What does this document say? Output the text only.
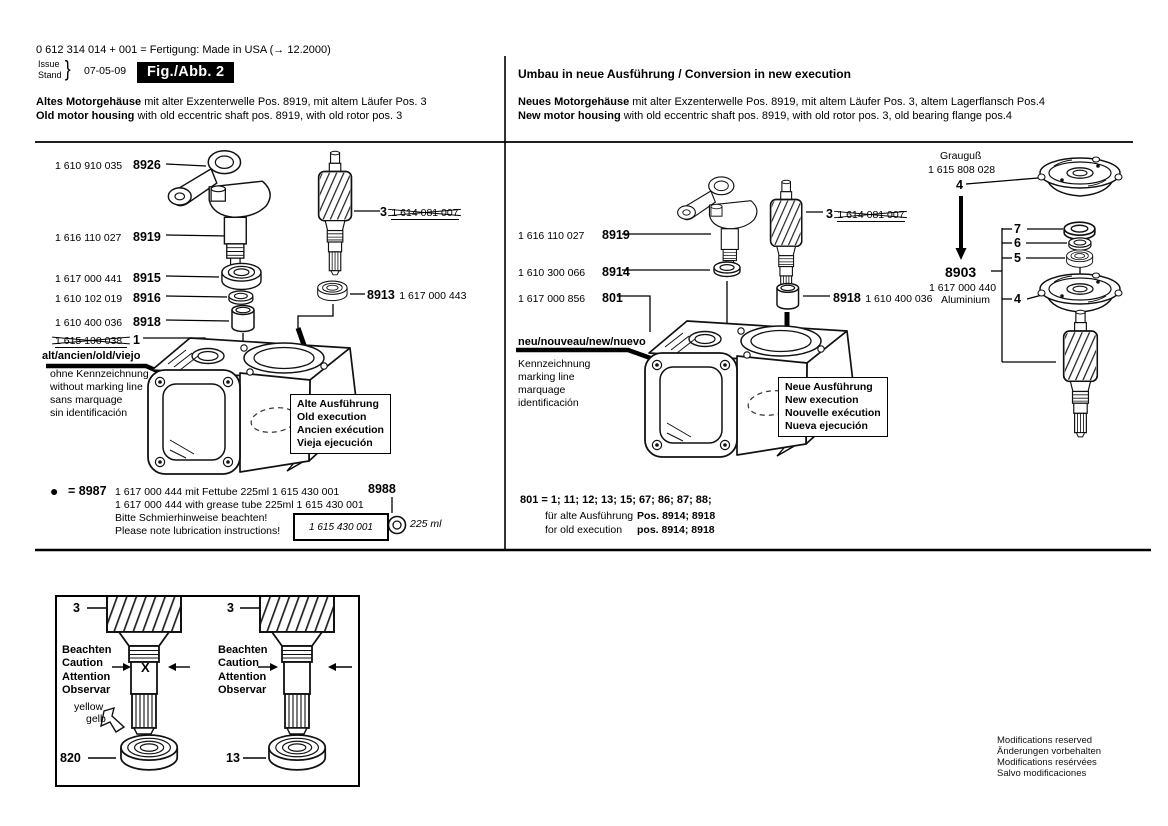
0 612 314 014 + 001 = Fertigung: Made in USA (→ 12.2000)
Issue
Stand } 07-05-09	Fig./Abb. 2
Altes Motorgehäuse mit alter Exzenterwelle Pos. 8919, mit altem Läufer Pos. 3
Old motor housing with old eccentric shaft pos. 8919, with old rotor pos. 3
Umbau in neue Ausführung / Conversion in new execution
Neues Motorgehäuse mit alter Exzenterwelle Pos. 8919, mit altem Läufer Pos. 3, altem Lagerflansch Pos.4
New motor housing with old eccentric shaft pos. 8919, with old rotor pos. 3, old bearing flange pos.4
1 610 910 035 8926
1 616 110 027 8919
1 617 000 441 8915
1 610 102 019 8916
1 610 400 036 8918
1 615 100 038 1
3 1 614 081 007
8913 1 617 000 443
alt/ancien/old/viejo
ohne Kennzeichnung
without marking line
sans marquage
sin identificación
Alte Ausführung
Old execution
Ancien exécution
Vieja ejecución
● = 8987 1 617 000 444 mit Fettube 225ml 1 615 430 001
1 617 000 444 with grease tube 225ml 1 615 430 001
Bitte Schmierhinweise beachten!
Please note lubrication instructions!
8988
1 615 430 001	225 ml
1 616 110 027 8919
1 610 300 066 8914
1 617 000 856 801
3 1 614 081 007
8918 1 610 400 036
neu/nouveau/new/nuevo
Kennzeichnung
marking line
marquage
identificación
Neue Ausführung
New execution
Nouvelle exécution
Nueva ejecución
Grauguß
1 615 808 028
4
7
6
5
4
8903
1 617 000 440
Aluminium
801 = 1; 11; 12; 13; 15; 67; 86; 87; 88;
für alte Ausführung Pos. 8914; 8918
for old execution pos. 8914; 8918
3	3
Beachten
Caution
Attention
Observar
Beachten
Caution
Attention
Observar
X
yellow
gelb
820	13
Modifications reserved
Änderungen vorbehalten
Modifications resérvées
Salvo modificaciones
